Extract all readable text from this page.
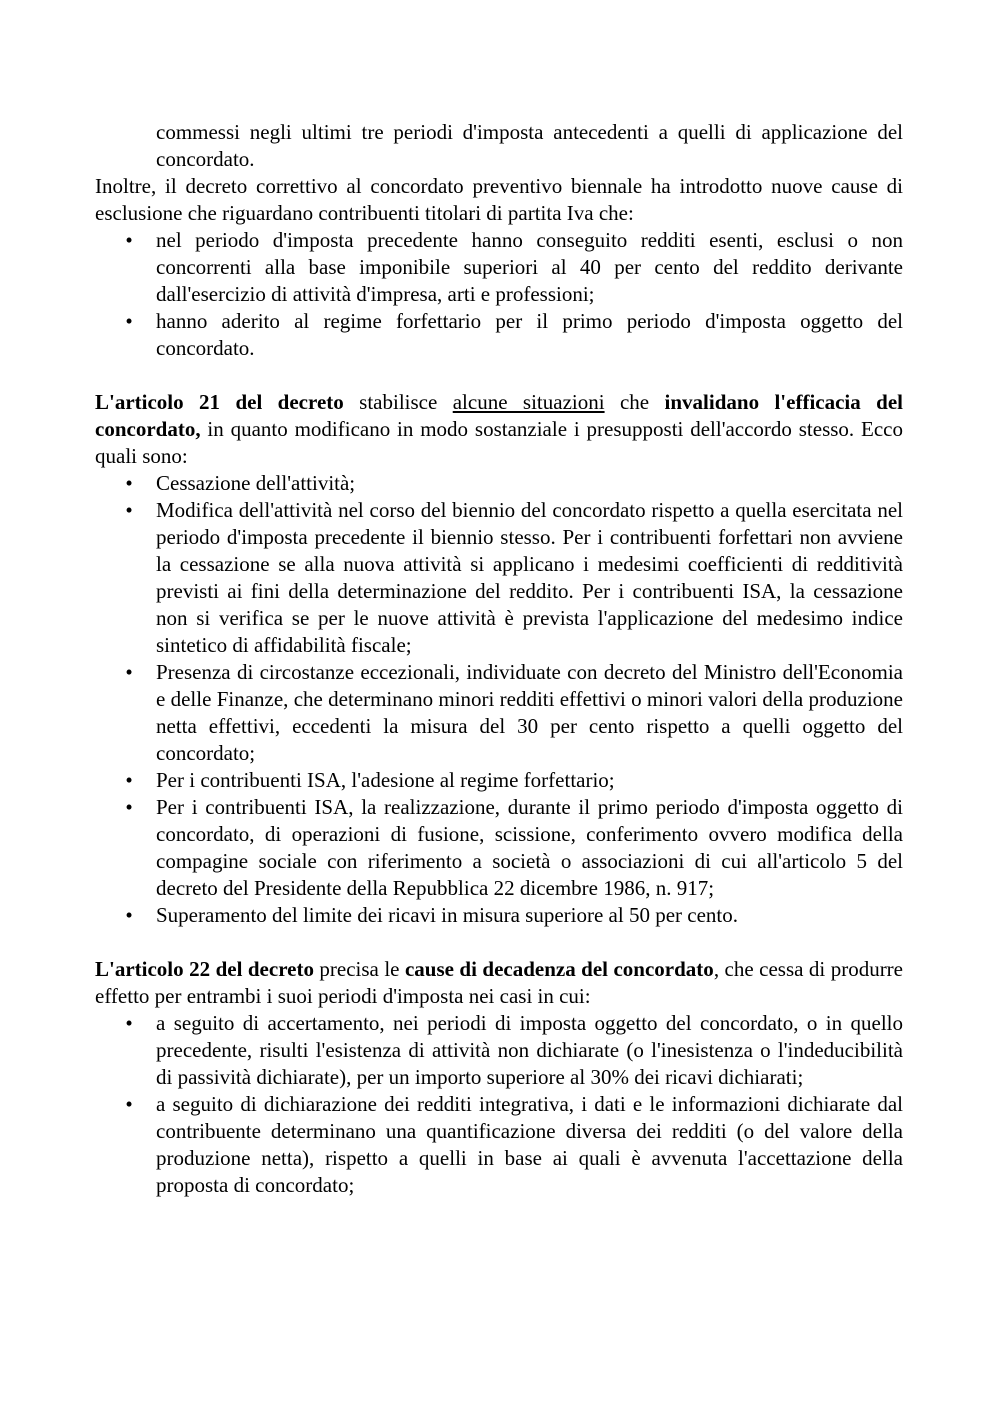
commessi negli ultimi tre periodi d'imposta antecedenti a quelli di applicazione del concordato.

Inoltre, il decreto correttivo al concordato preventivo biennale ha introdotto nuove cause di esclusione che riguardano contribuenti titolari di partita Iva che:

• nel periodo d'imposta precedente hanno conseguito redditi esenti, esclusi o non concorrenti alla base imponibile superiori al 40 per cento del reddito derivante dall'esercizio di attività d'impresa, arti e professioni;
• hanno aderito al regime forfettario per il primo periodo d'imposta oggetto del concordato.

L'articolo 21 del decreto stabilisce alcune situazioni che invalidano l'efficacia del concordato, in quanto modificano in modo sostanziale i presupposti dell'accordo stesso. Ecco quali sono:

• Cessazione dell'attività;
• Modifica dell'attività nel corso del biennio del concordato rispetto a quella esercitata nel periodo d'imposta precedente il biennio stesso. Per i contribuenti forfettari non avviene la cessazione se alla nuova attività si applicano i medesimi coefficienti di redditività previsti ai fini della determinazione del reddito. Per i contribuenti ISA, la cessazione non si verifica se per le nuove attività è prevista l'applicazione del medesimo indice sintetico di affidabilità fiscale;
• Presenza di circostanze eccezionali, individuate con decreto del Ministro dell'Economia e delle Finanze, che determinano minori redditi effettivi o minori valori della produzione netta effettivi, eccedenti la misura del 30 per cento rispetto a quelli oggetto del concordato;
• Per i contribuenti ISA, l'adesione al regime forfettario;
• Per i contribuenti ISA, la realizzazione, durante il primo periodo d'imposta oggetto di concordato, di operazioni di fusione, scissione, conferimento ovvero modifica della compagine sociale con riferimento a società o associazioni di cui all'articolo 5 del decreto del Presidente della Repubblica 22 dicembre 1986, n. 917;
• Superamento del limite dei ricavi in misura superiore al 50 per cento.

L'articolo 22 del decreto precisa le cause di decadenza del concordato, che cessa di produrre effetto per entrambi i suoi periodi d'imposta nei casi in cui:

• a seguito di accertamento, nei periodi di imposta oggetto del concordato, o in quello precedente, risulti l'esistenza di attività non dichiarate (o l'inesistenza o l'indeducibilità di passività dichiarate), per un importo superiore al 30% dei ricavi dichiarati;
• a seguito di dichiarazione dei redditi integrativa, i dati e le informazioni dichiarate dal contribuente determinano una quantificazione diversa dei redditi (o del valore della produzione netta), rispetto a quelli in base ai quali è avvenuta l'accettazione della proposta di concordato;
